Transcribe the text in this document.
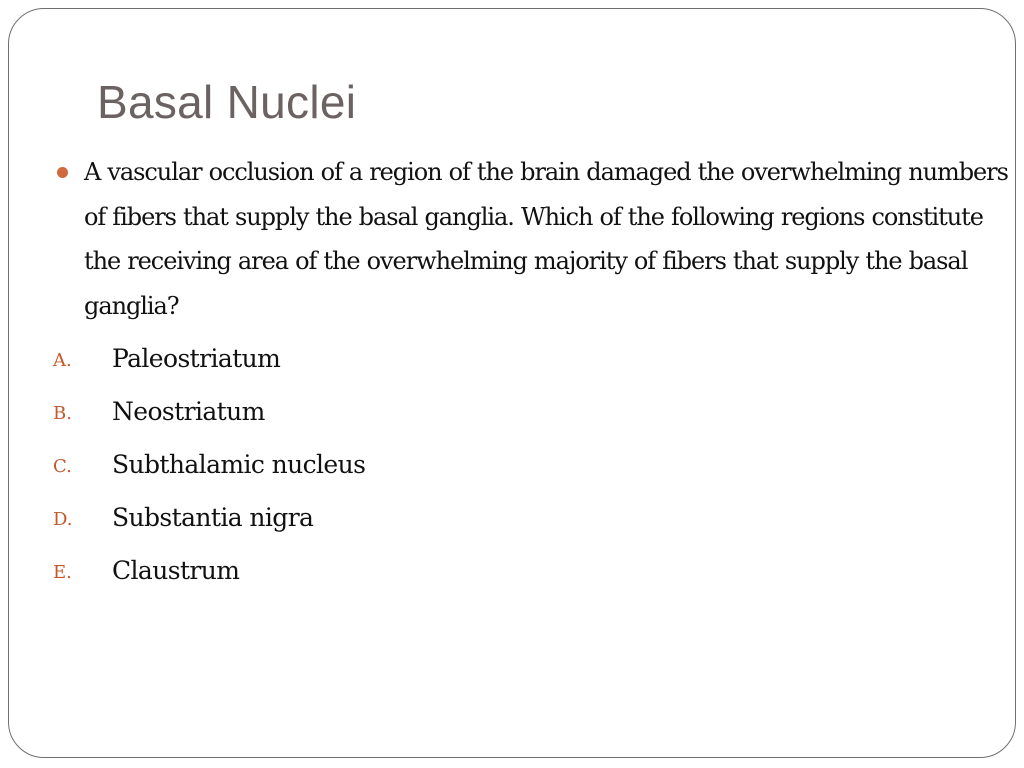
Basal Nuclei

A vascular occlusion of a region of the brain damaged the overwhelming numbers of fibers that supply the basal ganglia. Which of the following regions constitute the receiving area of the overwhelming majority of fibers that supply the basal ganglia?

A. Paleostriatum
B. Neostriatum
C. Subthalamic nucleus
D. Substantia nigra
E. Claustrum
